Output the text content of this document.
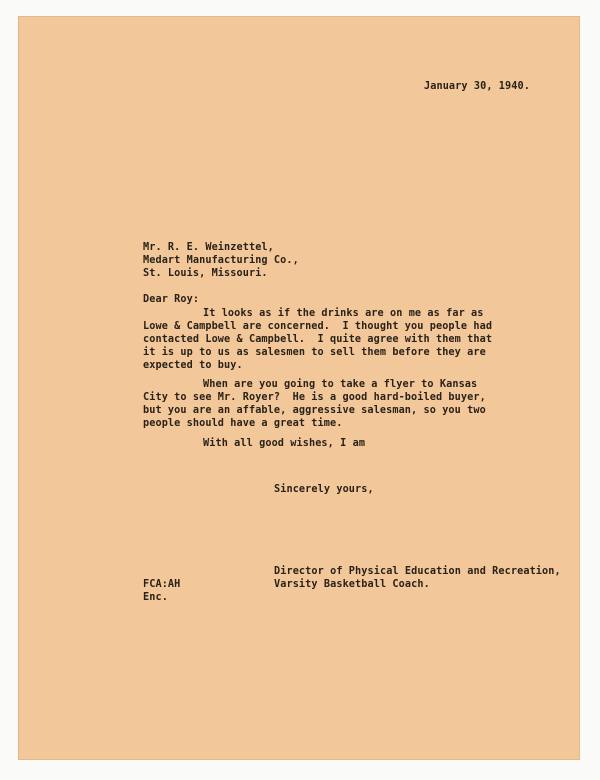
January 30, 1940.

Mr. R. E. Weinzettel,

Medart Manufacturing Co.,

St. Louis, Missouri.

Dear Roy:

It looks as if the drinks are on me as far as

Lowe & Campbell are concerned.  I thought you people had

contacted Lowe & Campbell.  I quite agree with them that

it is up to us as salesmen to sell them before they are

expected to buy.

When are you going to take a flyer to Kansas

City to see Mr. Royer?  He is a good hard-boiled buyer,

but you are an affable, aggressive salesman, so you two

people should have a great time.

With all good wishes, I am

Sincerely yours,

Director of Physical Education and Recreation,

Varsity Basketball Coach.

FCA:AH

Enc.
